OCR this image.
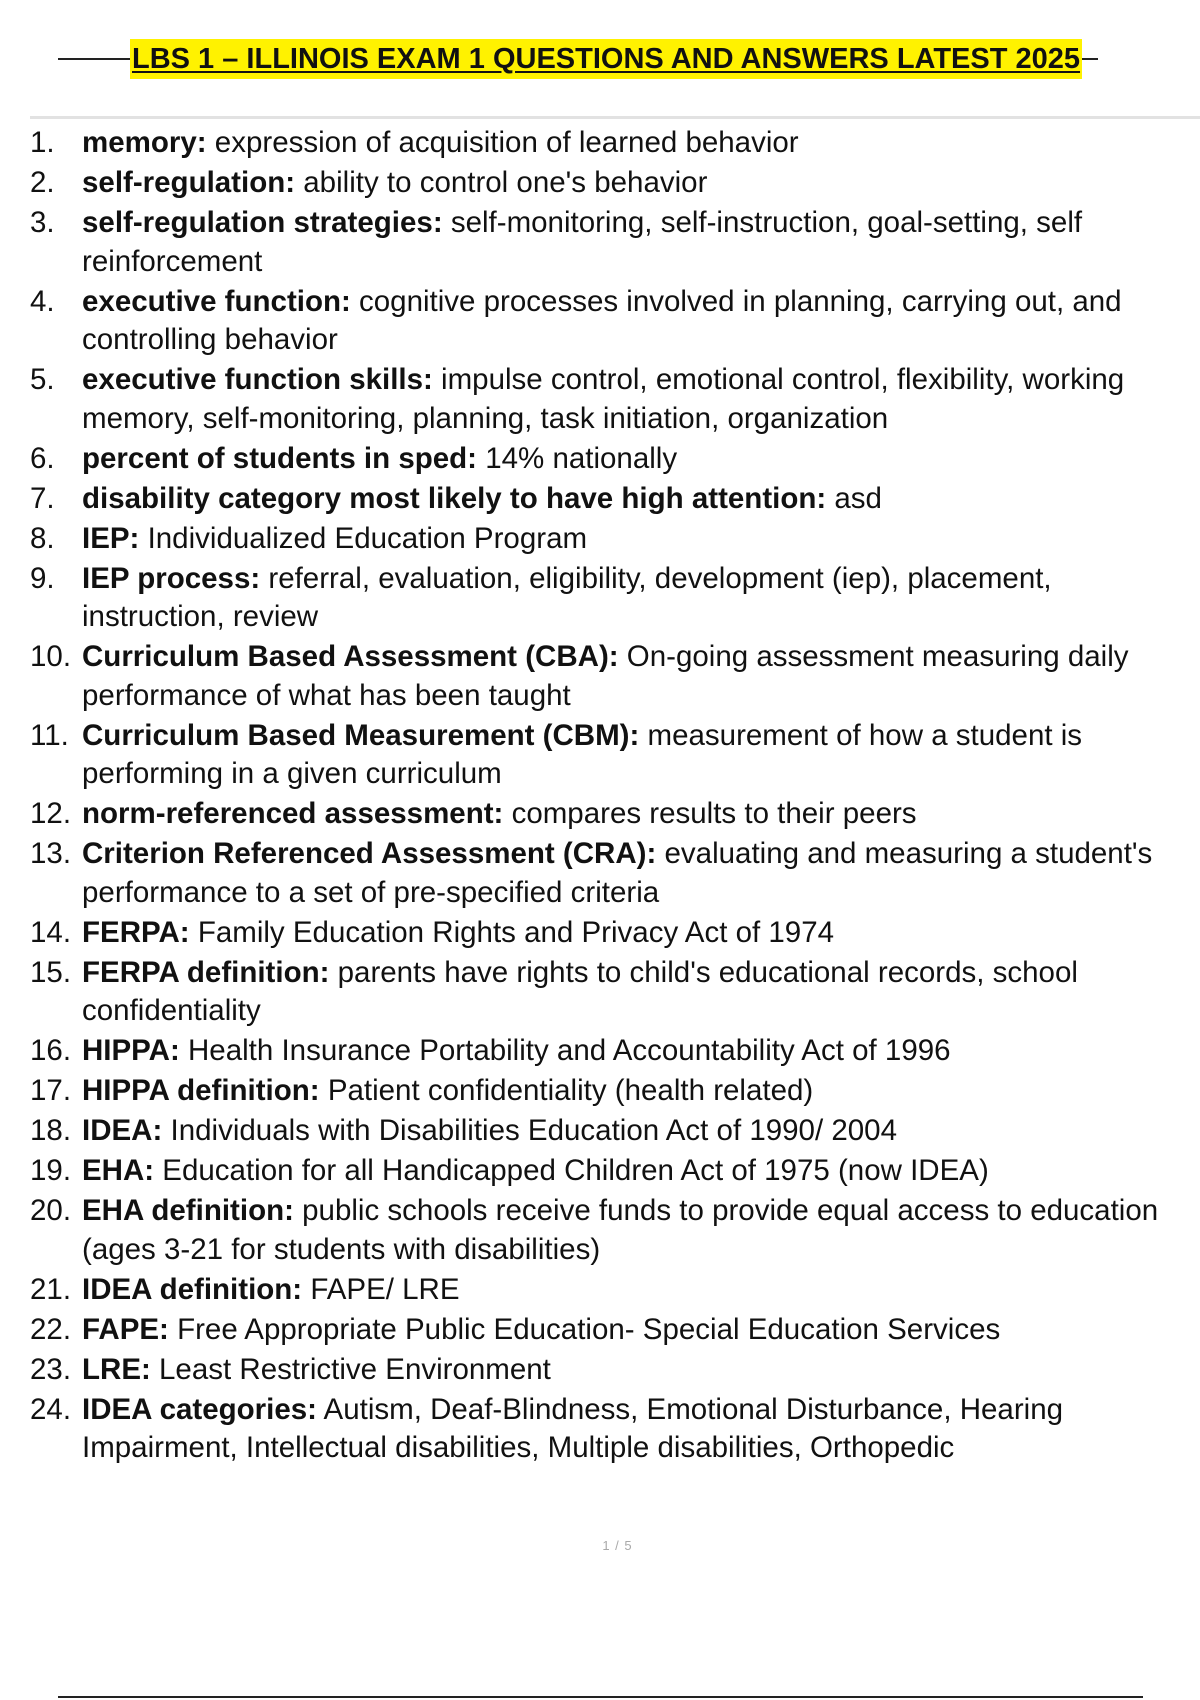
LBS 1 – ILLINOIS EXAM 1 QUESTIONS AND ANSWERS LATEST 2025
1. memory: expression of acquisition of learned behavior
2. self-regulation: ability to control one's behavior
3. self-regulation strategies: self-monitoring, self-instruction, goal-setting, self reinforcement
4. executive function: cognitive processes involved in planning, carrying out, and controlling behavior
5. executive function skills: impulse control, emotional control, flexibility, working memory, self-monitoring, planning, task initiation, organization
6. percent of students in sped: 14% nationally
7. disability category most likely to have high attention: asd
8. IEP: Individualized Education Program
9. IEP process: referral, evaluation, eligibility, development (iep), placement, instruction, review
10. Curriculum Based Assessment (CBA): On-going assessment measuring daily performance of what has been taught
11. Curriculum Based Measurement (CBM): measurement of how a student is performing in a given curriculum
12. norm-referenced assessment: compares results to their peers
13. Criterion Referenced Assessment (CRA): evaluating and measuring a student's performance to a set of pre-specified criteria
14. FERPA: Family Education Rights and Privacy Act of 1974
15. FERPA definition: parents have rights to child's educational records, school confidentiality
16. HIPPA: Health Insurance Portability and Accountability Act of 1996
17. HIPPA definition: Patient confidentiality (health related)
18. IDEA: Individuals with Disabilities Education Act of 1990/ 2004
19. EHA: Education for all Handicapped Children Act of 1975 (now IDEA)
20. EHA definition: public schools receive funds to provide equal access to education (ages 3-21 for students with disabilities)
21. IDEA definition: FAPE/ LRE
22. FAPE: Free Appropriate Public Education- Special Education Services
23. LRE: Least Restrictive Environment
24. IDEA categories: Autism, Deaf-Blindness, Emotional Disturbance, Hearing Impairment, Intellectual disabilities, Multiple disabilities, Orthopedic
1 / 5
